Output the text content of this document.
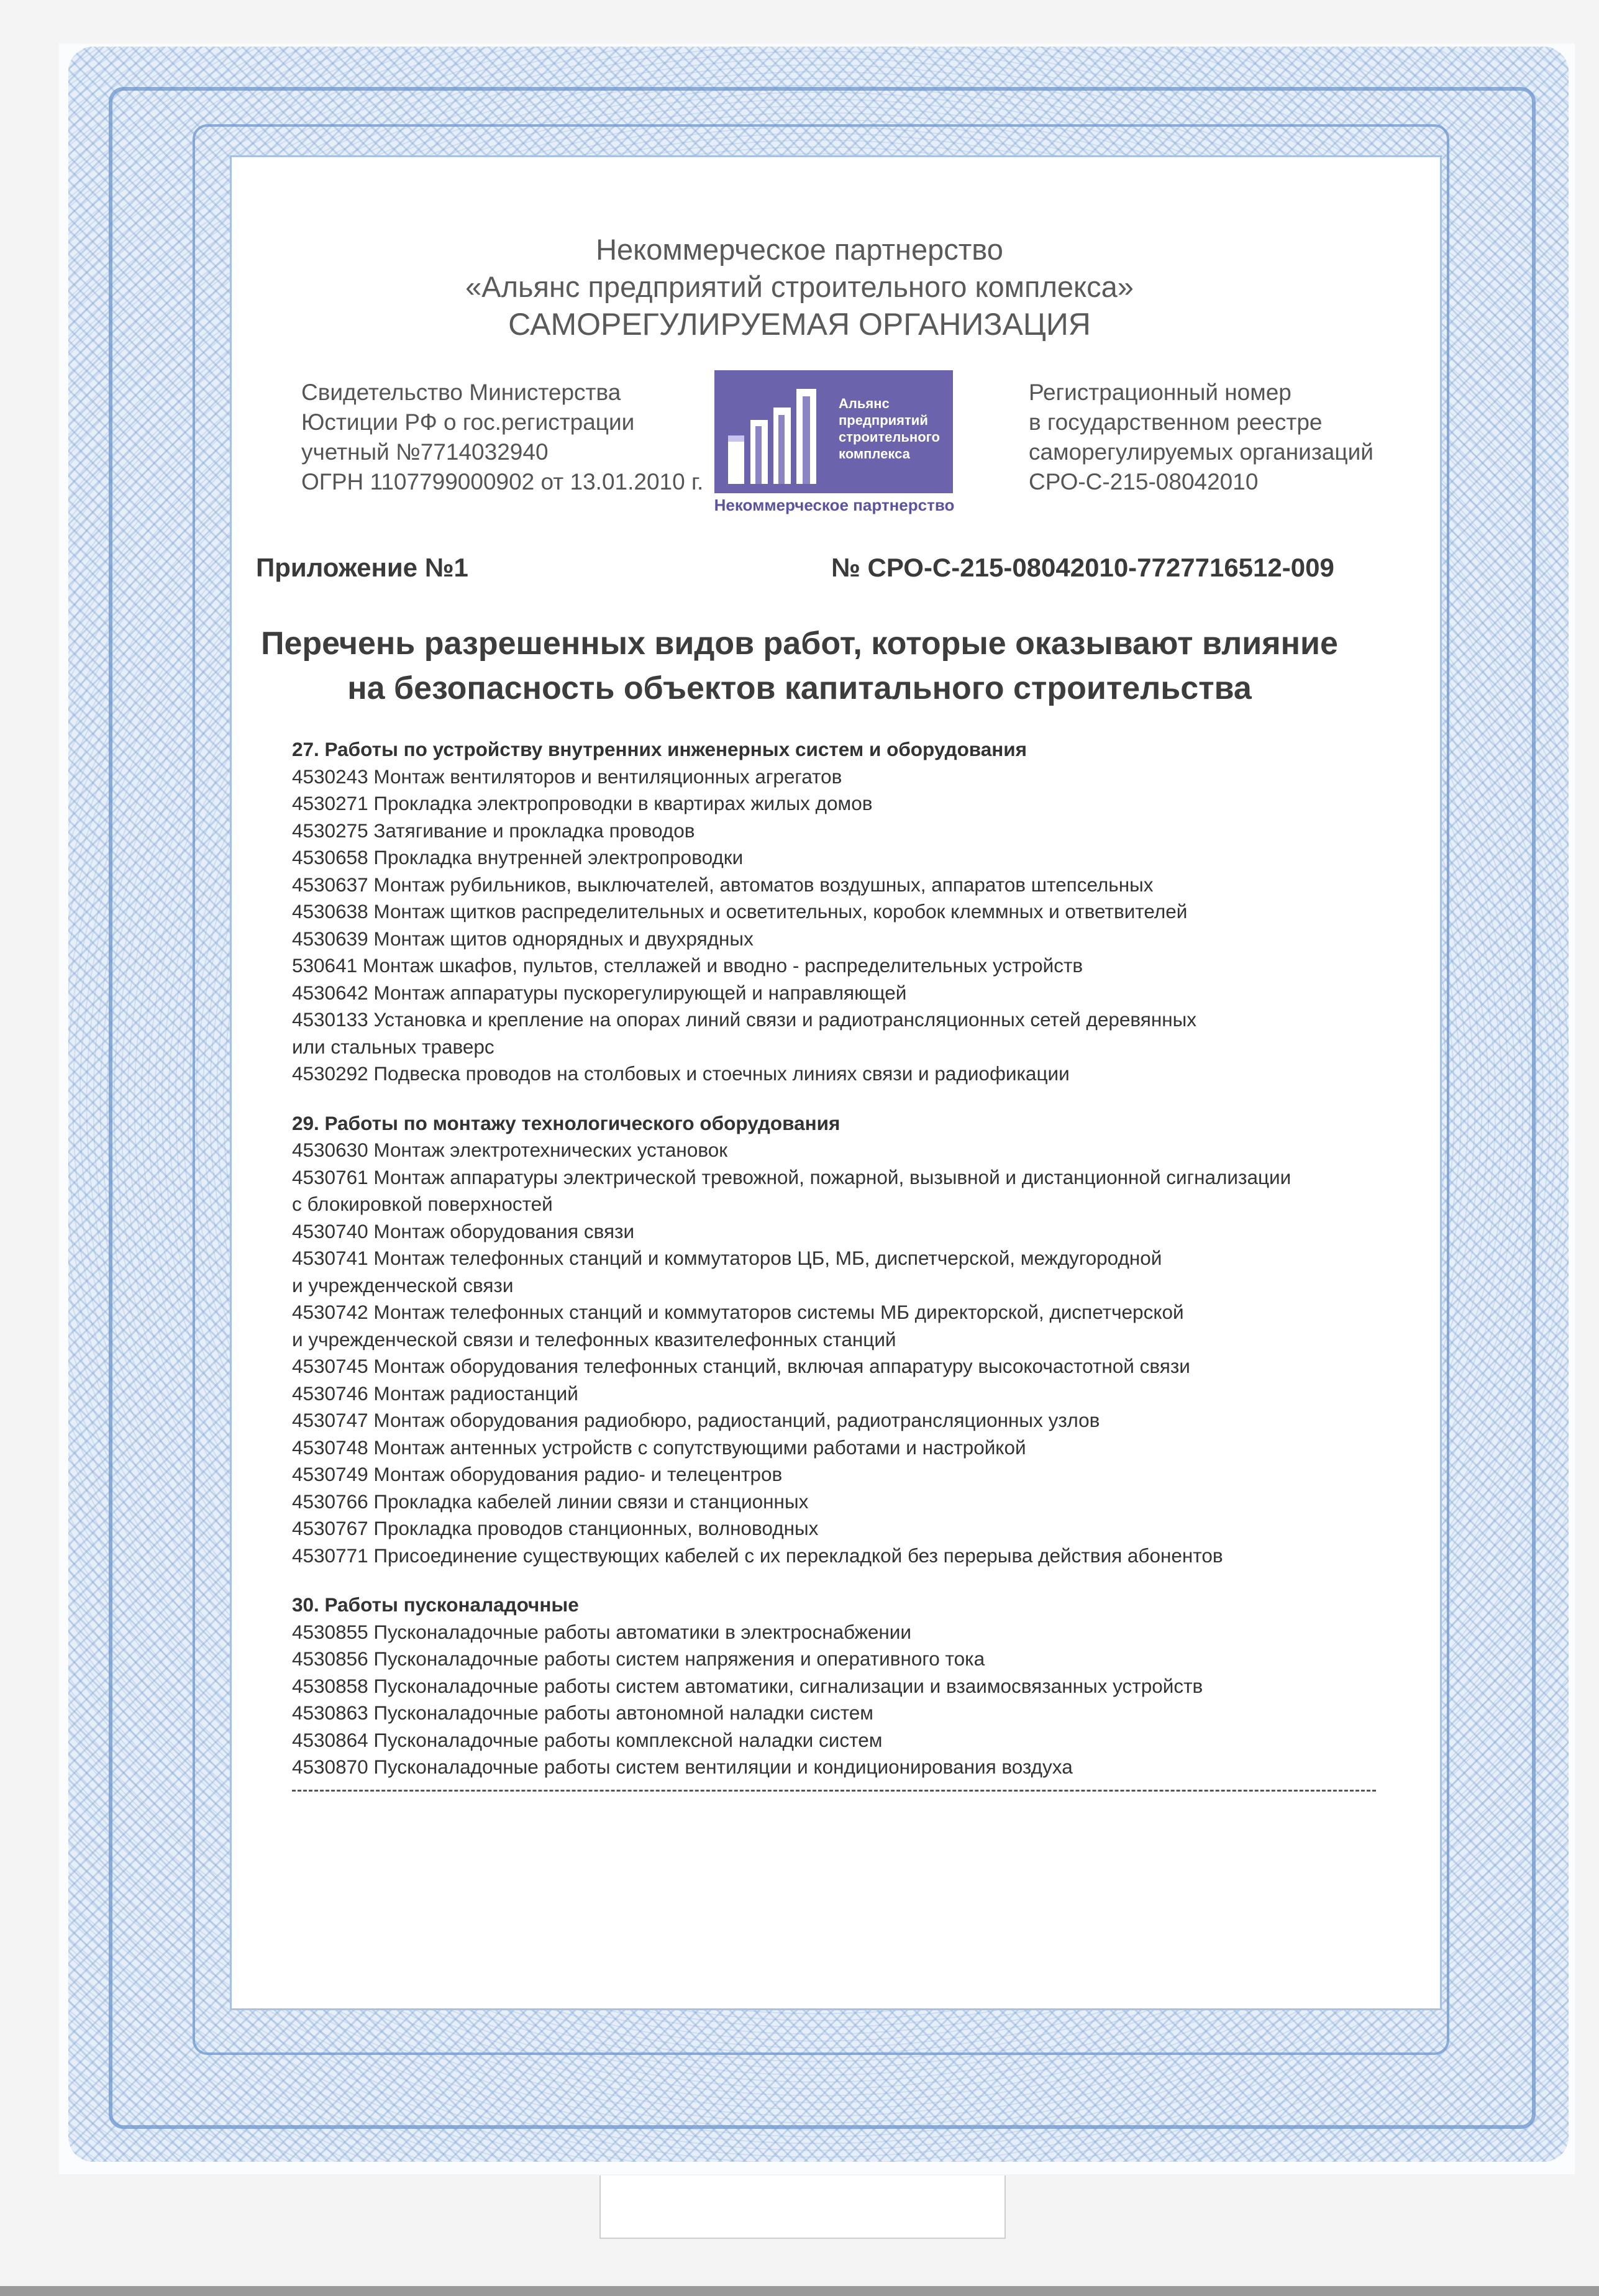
Некоммерческое партнерство
«Альянс предприятий строительного комплекса»
САМОРЕГУЛИРУЕМАЯ ОРГАНИЗАЦИЯ
Свидетельство Министерства
Юстиции РФ о гос.регистрации
учетный №7714032940
ОГРН 1107799000902 от 13.01.2010 г.
Альянс
предприятий
строительного
комплекса
Некоммерческое партнерство
Регистрационный номер
в государственном реестре
саморегулируемых организаций
СРО-С-215-08042010
Приложение №1	№ СРО-С-215-08042010-7727716512-009
Перечень разрешенных видов работ, которые оказывают влияние
на безопасность объектов капитального строительства
27. Работы по устройству внутренних инженерных систем и оборудования
4530243 Монтаж вентиляторов и вентиляционных агрегатов
4530271 Прокладка электропроводки в квартирах жилых домов
4530275 Затягивание и прокладка проводов
4530658 Прокладка внутренней электропроводки
4530637 Монтаж рубильников, выключателей, автоматов воздушных, аппаратов штепсельных
4530638 Монтаж щитков распределительных и осветительных, коробок клеммных и ответвителей
4530639 Монтаж щитов однорядных и двухрядных
530641 Монтаж шкафов, пультов, стеллажей и вводно - распределительных устройств
4530642 Монтаж аппаратуры пускорегулирующей и направляющей
4530133 Установка и крепление на опорах линий связи и радиотрансляционных сетей деревянных
или стальных траверс
4530292 Подвеска проводов на столбовых и стоечных линиях связи и радиофикации
29. Работы по монтажу технологического оборудования
4530630 Монтаж электротехнических установок
4530761 Монтаж аппаратуры электрической тревожной, пожарной, вызывной и дистанционной сигнализации
с блокировкой поверхностей
4530740 Монтаж оборудования связи
4530741 Монтаж телефонных станций и коммутаторов ЦБ, МБ, диспетчерской, междугородной
и учрежденческой связи
4530742 Монтаж телефонных станций и коммутаторов системы МБ директорской, диспетчерской
и учрежденческой связи и телефонных квазителефонных станций
4530745 Монтаж оборудования телефонных станций, включая аппаратуру высокочастотной связи
4530746 Монтаж радиостанций
4530747 Монтаж оборудования радиобюро, радиостанций, радиотрансляционных узлов
4530748 Монтаж антенных устройств с сопутствующими работами и настройкой
4530749 Монтаж оборудования радио- и телецентров
4530766 Прокладка кабелей линии связи и станционных
4530767 Прокладка проводов станционных, волноводных
4530771 Присоединение существующих кабелей с их перекладкой без перерыва действия абонентов
30. Работы пусконаладочные
4530855 Пусконаладочные работы автоматики в электроснабжении
4530856 Пусконаладочные работы систем напряжения и оперативного тока
4530858 Пусконаладочные работы систем автоматики, сигнализации и взаимосвязанных устройств
4530863 Пусконаладочные работы автономной наладки систем
4530864 Пусконаладочные работы комплексной наладки систем
4530870 Пусконаладочные работы систем вентиляции и кондиционирования воздуха
